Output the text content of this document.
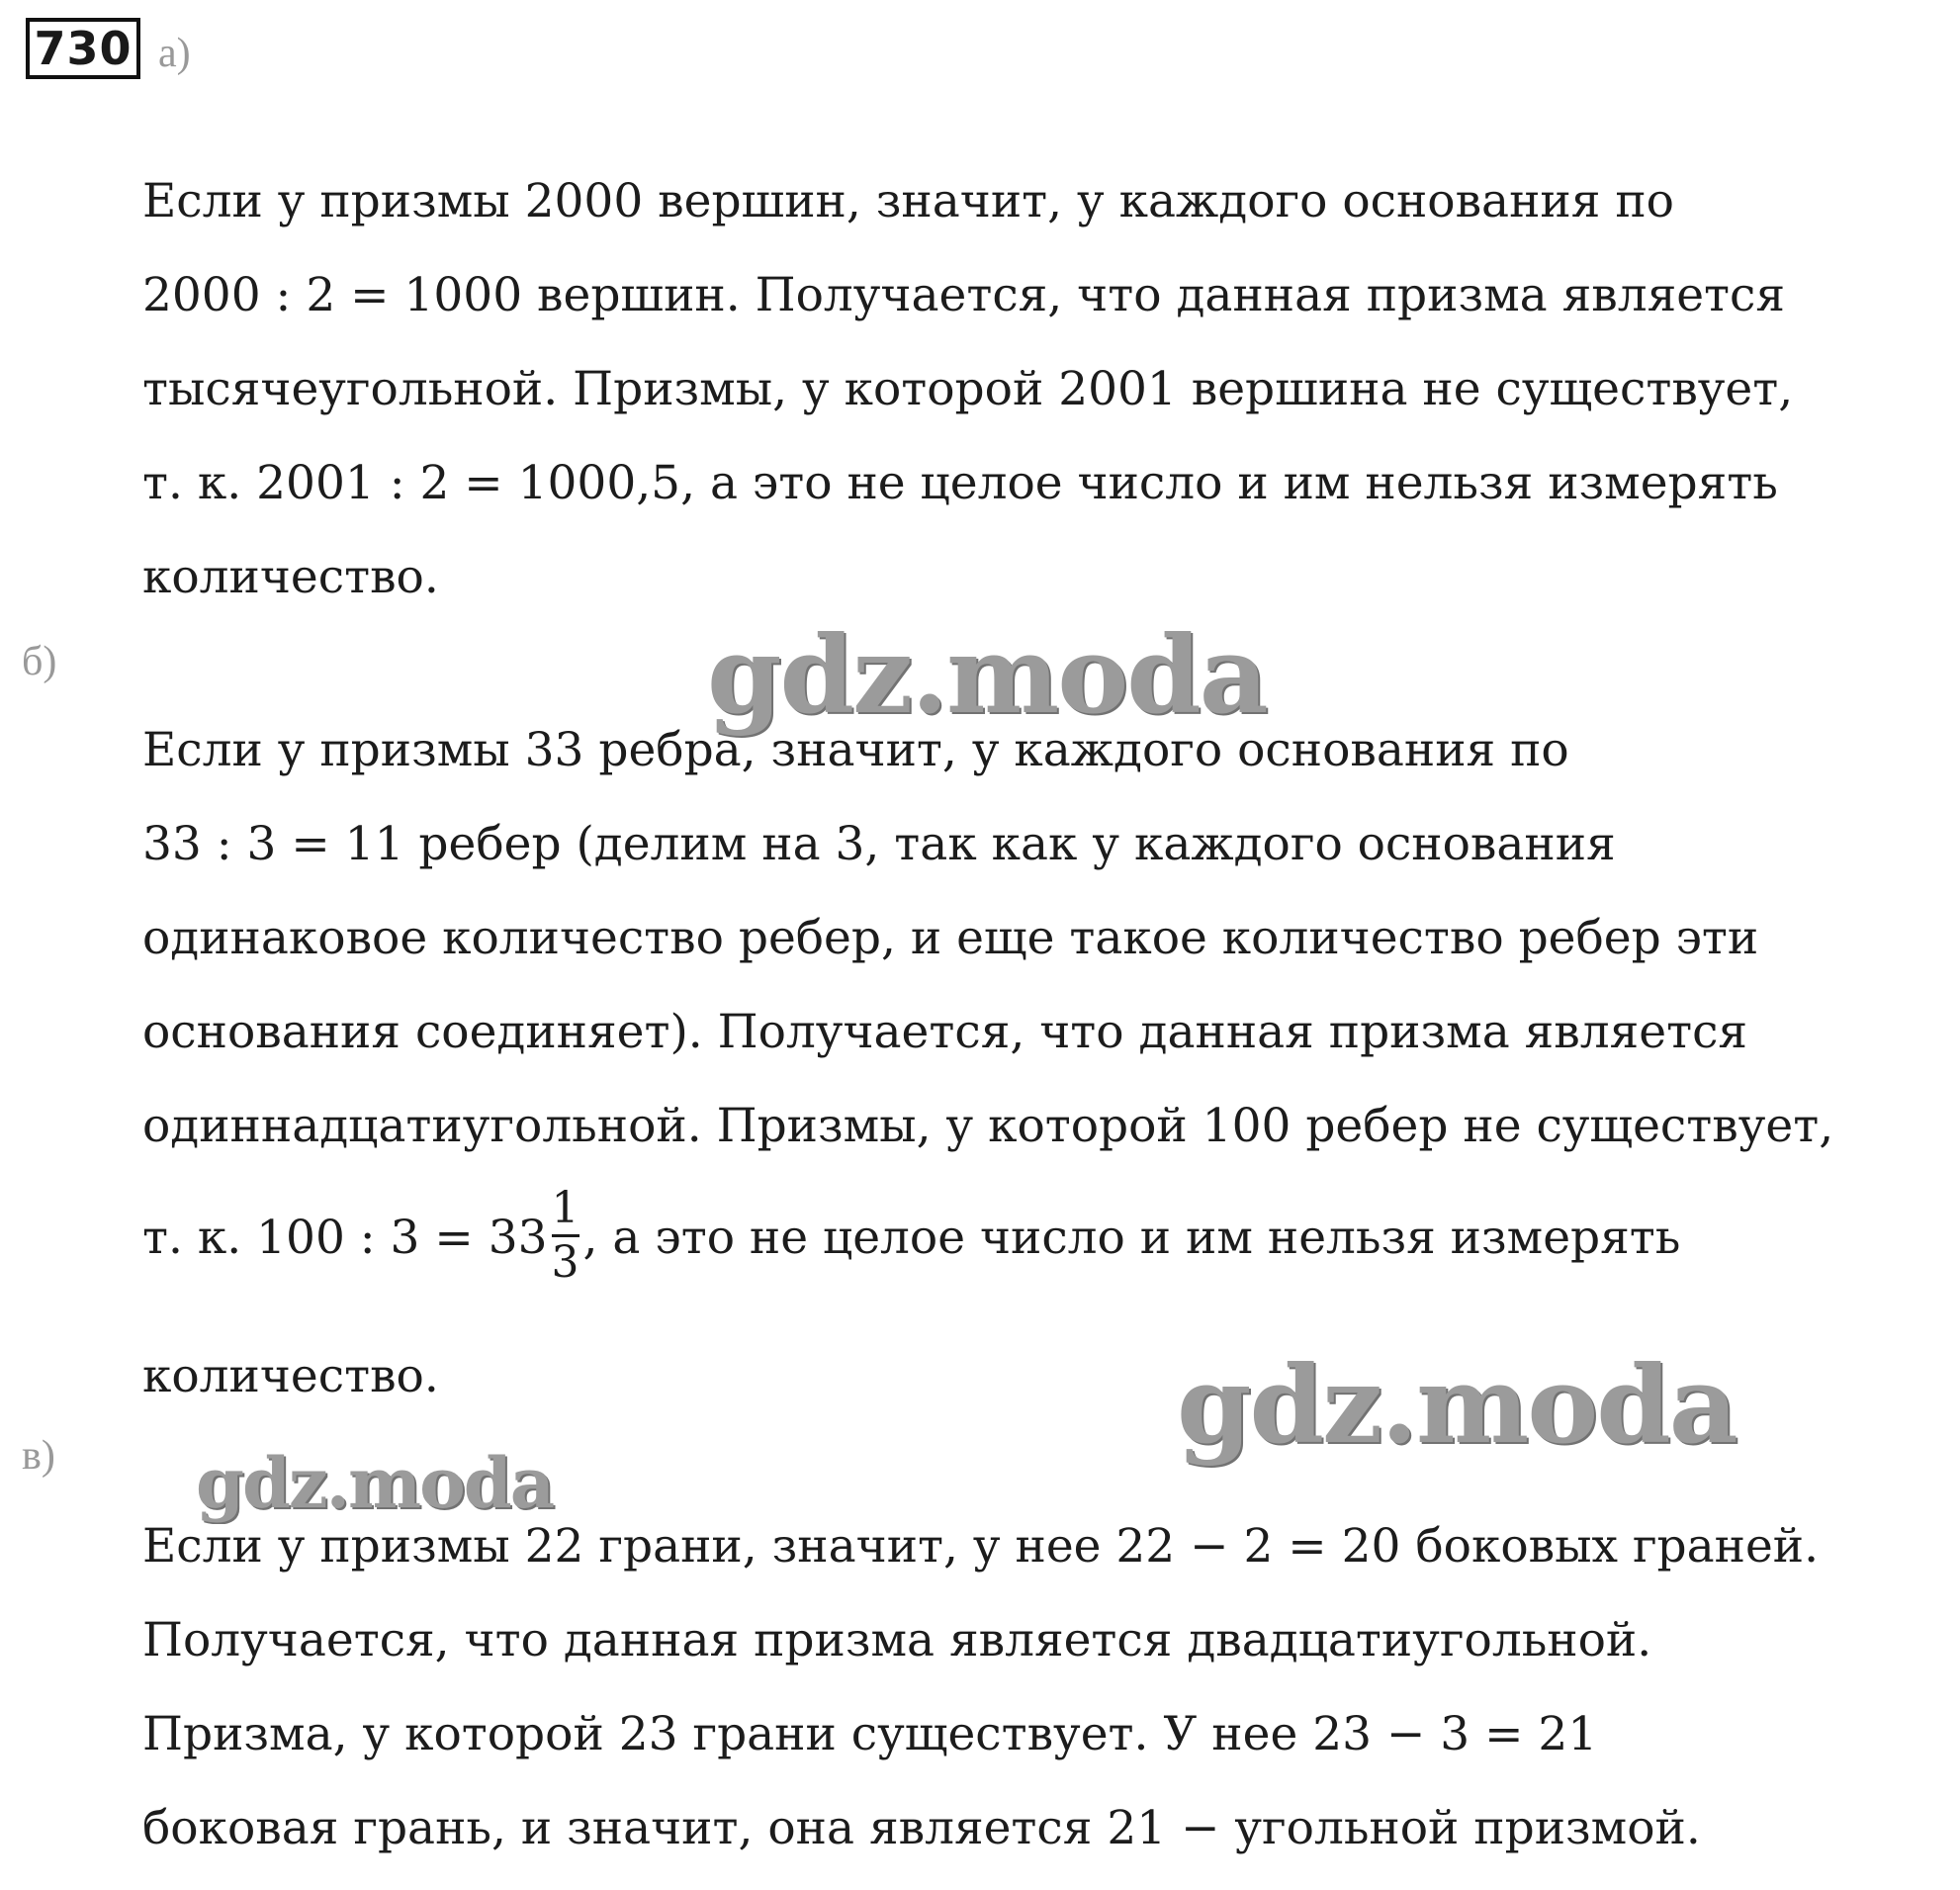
730 а)
Если у призмы 2000 вершин, значит, у каждого основания по
2000 : 2 = 1000 вершин. Получается, что данная призма является
тысячеугольной. Призмы, у которой 2001 вершина не существует,
т. к. 2001 : 2 = 1000,5, а это не целое число и им нельзя измерять
количество.
б)
Если у призмы 33 ребра, значит, у каждого основания по
33 : 3 = 11 ребер (делим на 3, так как у каждого основания
одинаковое количество ребер, и еще такое количество ребер эти
основания соединяет). Получается, что данная призма является
одиннадцатиугольной. Призмы, у которой 100 ребер не существует,
т. к. 100 : $3 = 33 \frac{1}{3}$ , а это не целое число и им нельзя измерять
количество.
в)
Если у призмы 22 грани, значит, у нее 22 − 2 = 20 боковых граней.
Получается, что данная призма является двадцатиугольной.
Призма, у которой 23 грани существует. У нее 23 − 3 = 21
боковая грань, и значит, она является 21 − угольной призмой.
gdz.moda
gdz.moda
gdz.moda
